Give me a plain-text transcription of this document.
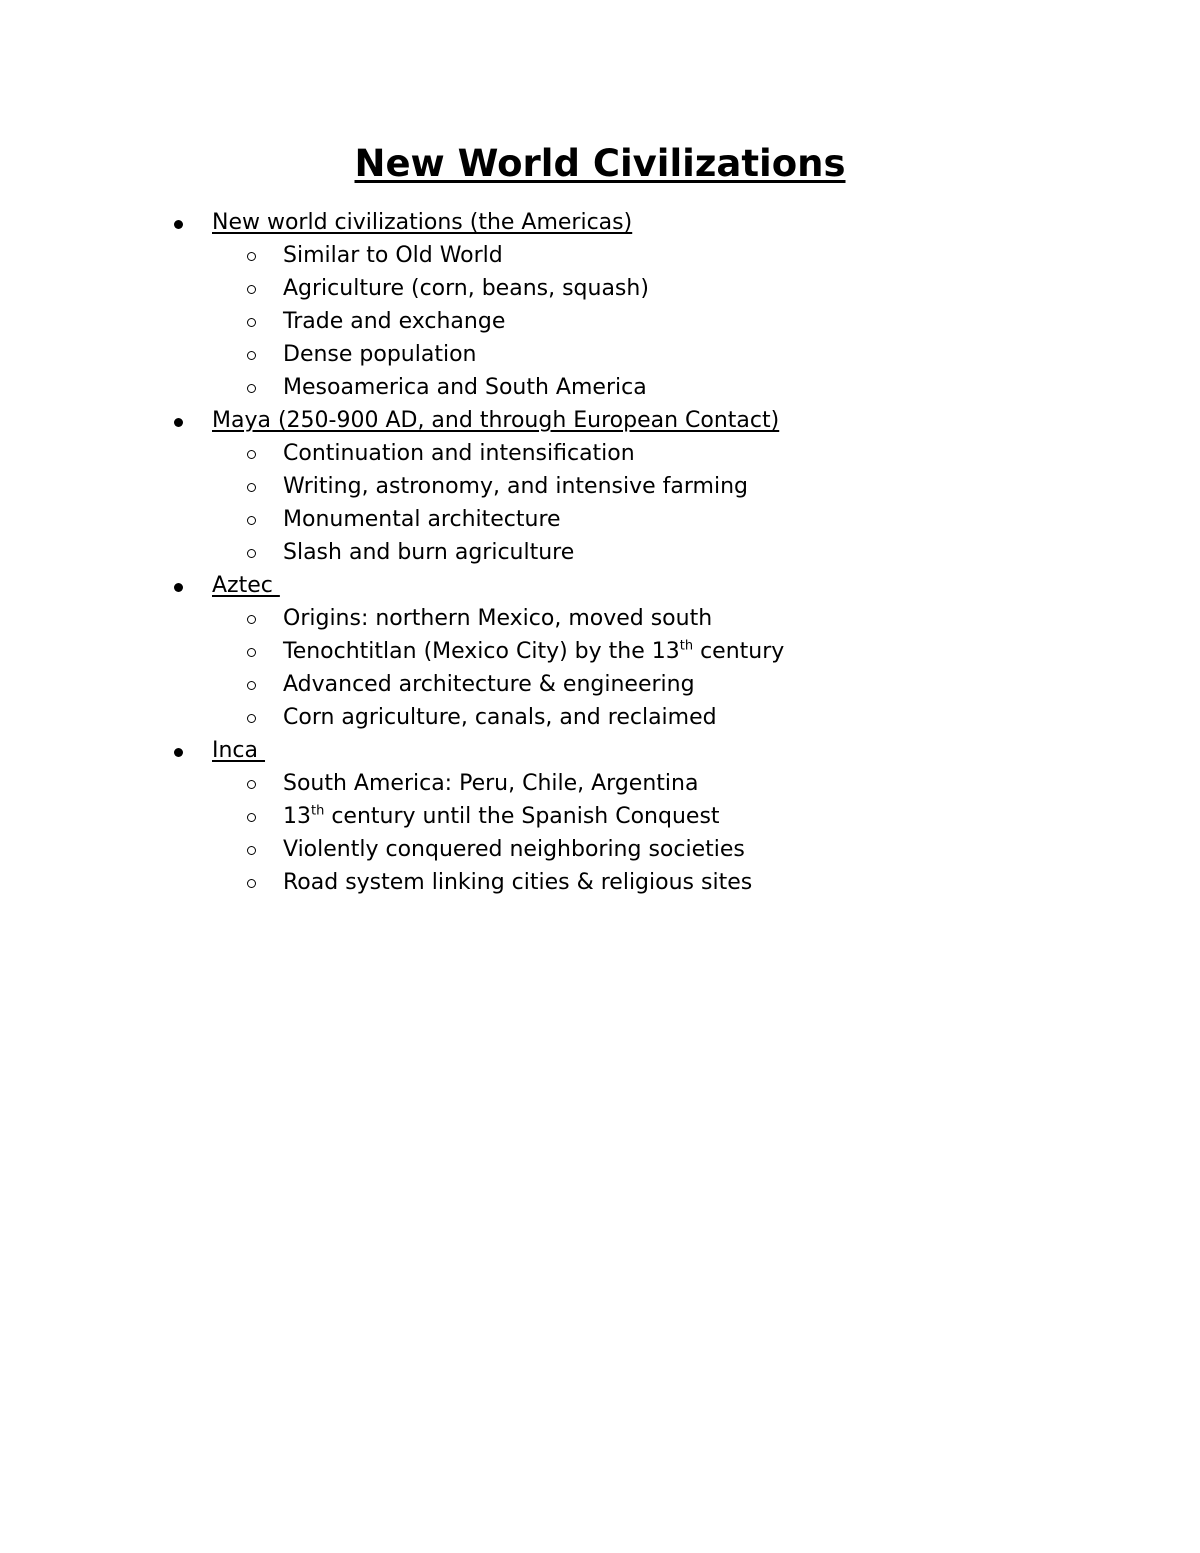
New World Civilizations
New world civilizations (the Americas)
Similar to Old World
Agriculture (corn, beans, squash)
Trade and exchange
Dense population
Mesoamerica and South America
Maya (250-900 AD, and through European Contact)
Continuation and intensification
Writing, astronomy, and intensive farming
Monumental architecture
Slash and burn agriculture
Aztec
Origins: northern Mexico, moved south
Tenochtitlan (Mexico City) by the 13th century
Advanced architecture & engineering
Corn agriculture, canals, and reclaimed
Inca
South America: Peru, Chile, Argentina
13th century until the Spanish Conquest
Violently conquered neighboring societies
Road system linking cities & religious sites
